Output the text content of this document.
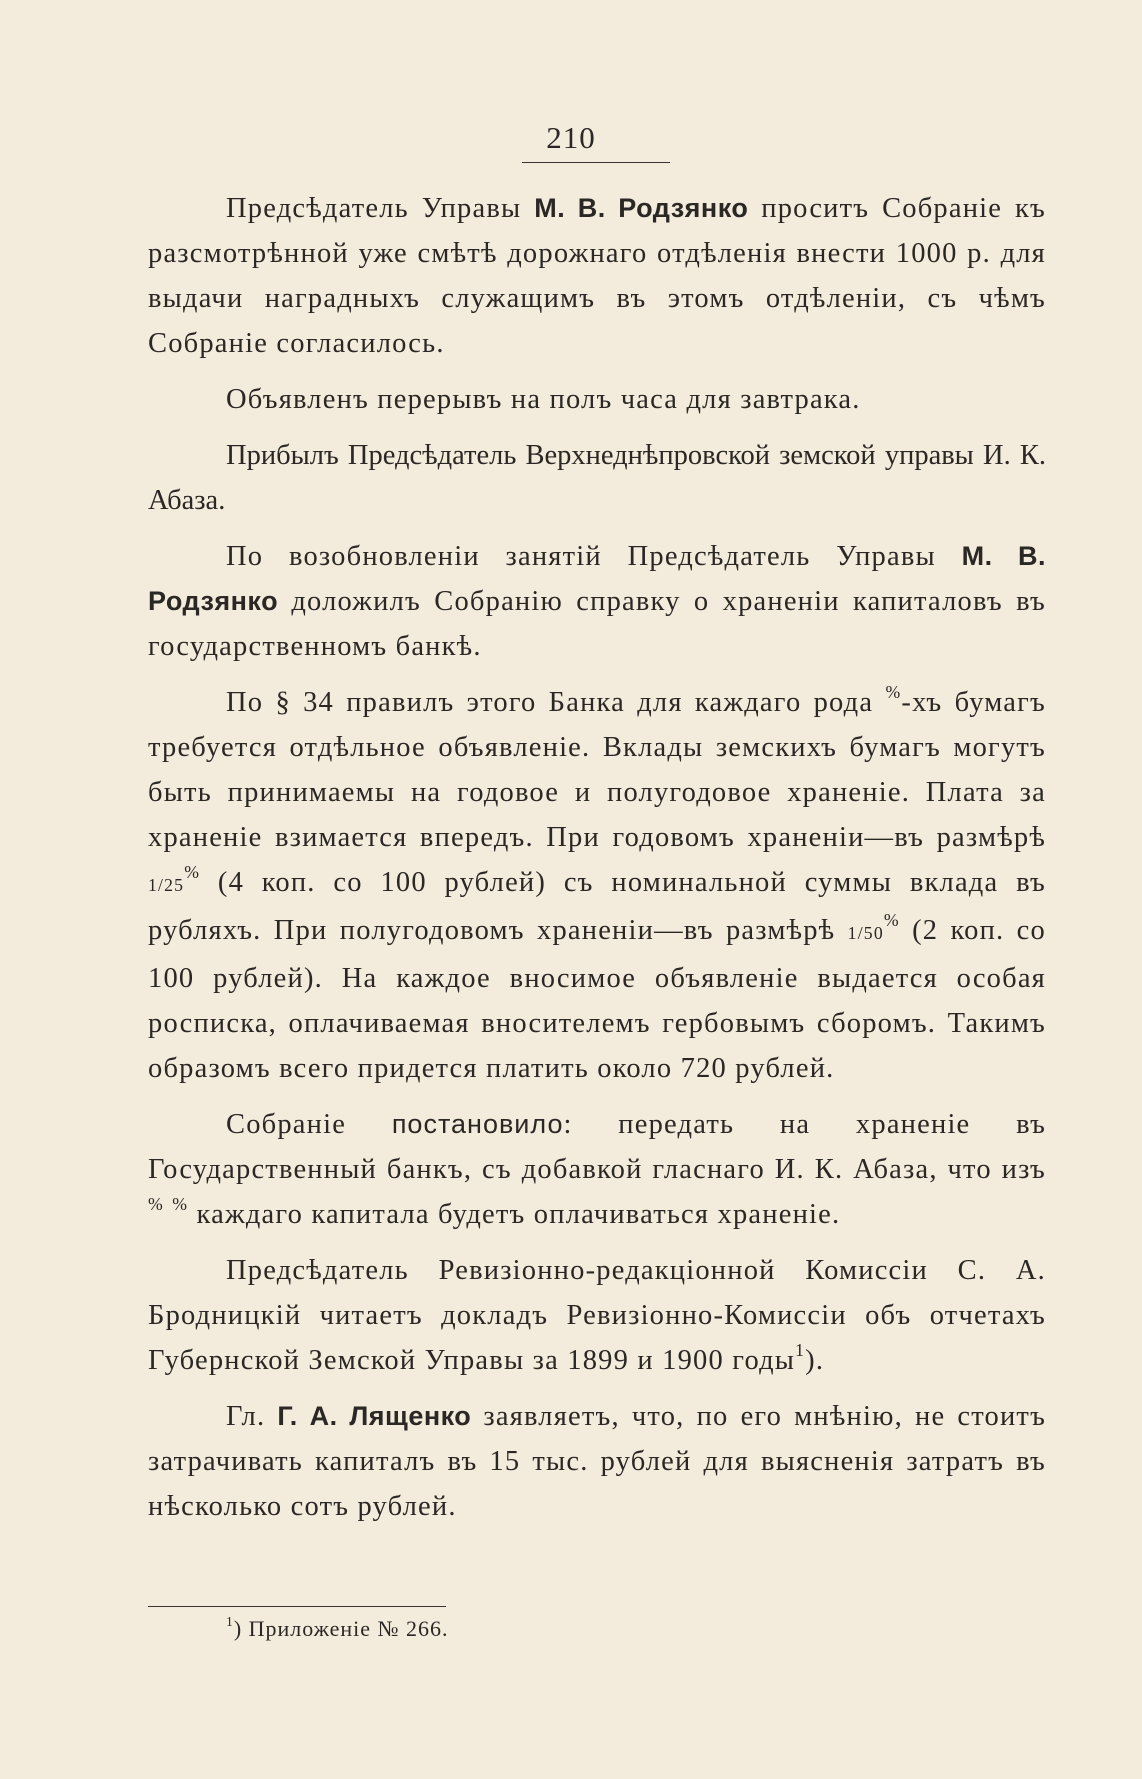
210

Предсѣдатель Управы М. В. Родзянко проситъ Собраніе къ разсмотрѣнной уже смѣтѣ дорожнаго отдѣленія внести 1000 р. для выдачи наградныхъ служащимъ въ этомъ отдѣленіи, съ чѣмъ Собраніе согласилось.

Объявленъ перерывъ на полъ часа для завтрака.

Прибылъ Предсѣдатель Верхнеднѣпровской земской управы И. К. Абаза.

По возобновленіи занятій Предсѣдатель Управы М. В. Родзянко доложилъ Собранію справку о храненіи капиталовъ въ государственномъ банкѣ.

По § 34 правилъ этого Банка для каждаго рода %-хъ бумагъ требуется отдѣльное объявленіе. Вклады земскихъ бумагъ могутъ быть принимаемы на годовое и полугодовое храненіе. Плата за храненіе взимается впередъ. При годовомъ храненіи—въ размѣрѣ 1/25% (4 коп. со 100 рублей) съ номинальной суммы вклада въ рубляхъ. При полугодовомъ храненіи—въ размѣрѣ 1/50% (2 коп. со 100 рублей). На каждое вносимое объявленіе выдается особая росписка, оплачиваемая вносителемъ гербовымъ сборомъ. Такимъ образомъ всего придется платить около 720 рублей.

Собраніе постановило: передать на храненіе въ Государственный банкъ, съ добавкой гласнаго И. К. Абаза, что изъ % % каждаго капитала будетъ оплачиваться храненіе.

Предсѣдатель Ревизіонно-редакціонной Комиссіи С. А. Бродницкій читаетъ докладъ Ревизіонно-Комиссіи объ отчетахъ Губернской Земской Управы за 1899 и 1900 годы$^1$).

Гл. Г. А. Лященко заявляетъ, что, по его мнѣнію, не стоитъ затрачивать капиталъ въ 15 тыс. рублей для выясненія затратъ въ нѣсколько сотъ рублей.

$^1$) Приложеніе № 266.
